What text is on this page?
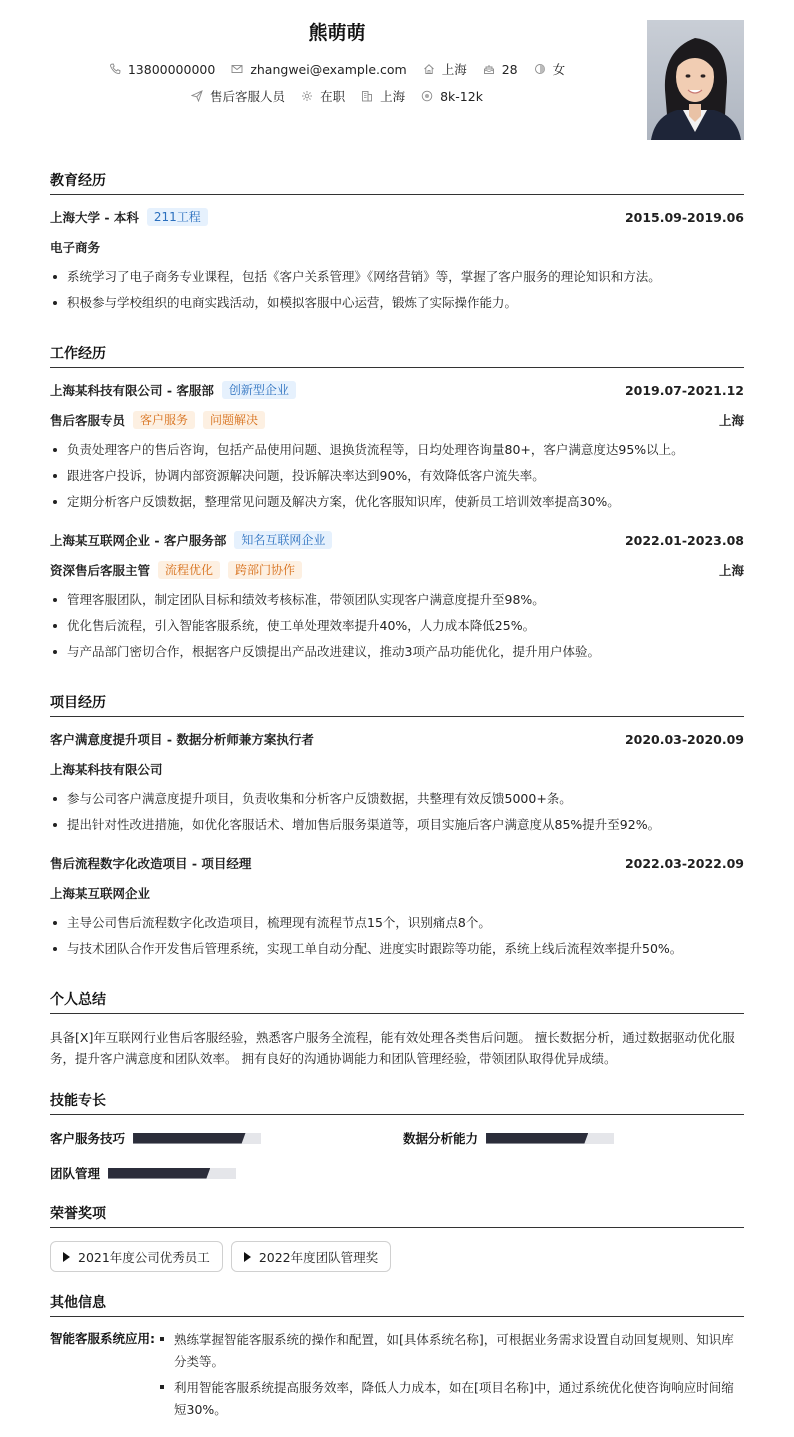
熊萌萌
13800000000	zhangwei@example.com	上海	28	女
售后客服人员	在职	上海	8k-12k
教育经历
上海大学 - 本科	211工程	2015.09-2019.06
电子商务
系统学习了电子商务专业课程，包括《客户关系管理》《网络营销》等，掌握了客户服务的理论知识和方法。
积极参与学校组织的电商实践活动，如模拟客服中心运营，锻炼了实际操作能力。
工作经历
上海某科技有限公司 - 客服部	创新型企业	2019.07-2021.12
售后客服专员	客户服务	问题解决	上海
负责处理客户的售后咨询，包括产品使用问题、退换货流程等，日均处理咨询量80+，客户满意度达95%以上。
跟进客户投诉，协调内部资源解决问题，投诉解决率达到90%，有效降低客户流失率。
定期分析客户反馈数据，整理常见问题及解决方案，优化客服知识库，使新员工培训效率提高30%。
上海某互联网企业 - 客户服务部	知名互联网企业	2022.01-2023.08
资深售后客服主管	流程优化	跨部门协作	上海
管理客服团队，制定团队目标和绩效考核标准，带领团队实现客户满意度提升至98%。
优化售后流程，引入智能客服系统，使工单处理效率提升40%，人力成本降低25%。
与产品部门密切合作，根据客户反馈提出产品改进建议，推动3项产品功能优化，提升用户体验。
项目经历
客户满意度提升项目 - 数据分析师兼方案执行者	2020.03-2020.09
上海某科技有限公司
参与公司客户满意度提升项目，负责收集和分析客户反馈数据，共整理有效反馈5000+条。
提出针对性改进措施，如优化客服话术、增加售后服务渠道等，项目实施后客户满意度从85%提升至92%。
售后流程数字化改造项目 - 项目经理	2022.03-2022.09
上海某互联网企业
主导公司售后流程数字化改造项目，梳理现有流程节点15个，识别痛点8个。
与技术团队合作开发售后管理系统，实现工单自动分配、进度实时跟踪等功能，系统上线后流程效率提升50%。
个人总结
具备[X]年互联网行业售后客服经验，熟悉客户服务全流程，能有效处理各类售后问题。 擅长数据分析，通过数据驱动优化服务，提升客户满意度和团队效率。 拥有良好的沟通协调能力和团队管理经验，带领团队取得优异成绩。
技能专长
客户服务技巧	数据分析能力
团队管理
荣誉奖项
2021年度公司优秀员工	2022年度团队管理奖
其他信息
智能客服系统应用:	熟练掌握智能客服系统的操作和配置，如[具体系统名称]，可根据业务需求设置自动回复规则、知识库分类等。
利用智能客服系统提高服务效率，降低人力成本，如在[项目名称]中，通过系统优化使咨询响应时间缩短30%。
